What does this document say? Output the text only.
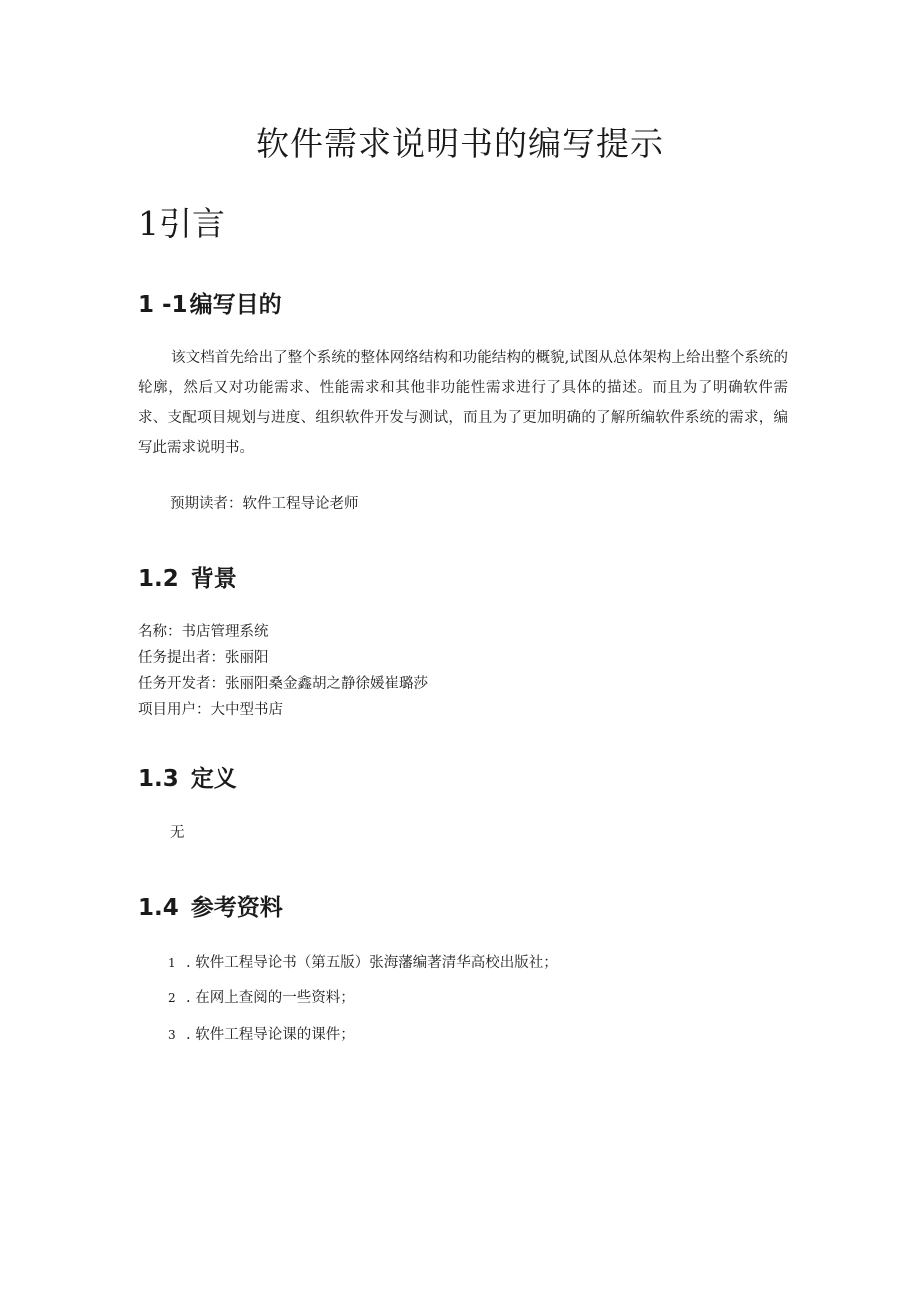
软件需求说明书的编写提示
1引言
1 -1编写目的

该文档首先给出了整个系统的整体网络结构和功能结构的概貌,试图从总体架构上给出整个系统的轮廓，然后又对功能需求、性能需求和其他非功能性需求进行了具体的描述。而且为了明确软件需求、支配项目规划与进度、组织软件开发与测试，而且为了更加明确的了解所编软件系统的需求，编写此需求说明书。

预期读者：软件工程导论老师

1.2 背景

名称：书店管理系统

任务提出者：张丽阳

任务开发者：张丽阳桑金鑫胡之静徐媛崔璐莎

项目用户：大中型书店

1.3 定义

无

1.4 参考资料

1 . 软件工程导论书（第五版）张海藩编著清华高校出版社；

2 . 在网上查阅的一些资料；

3 . 软件工程导论课的课件；
